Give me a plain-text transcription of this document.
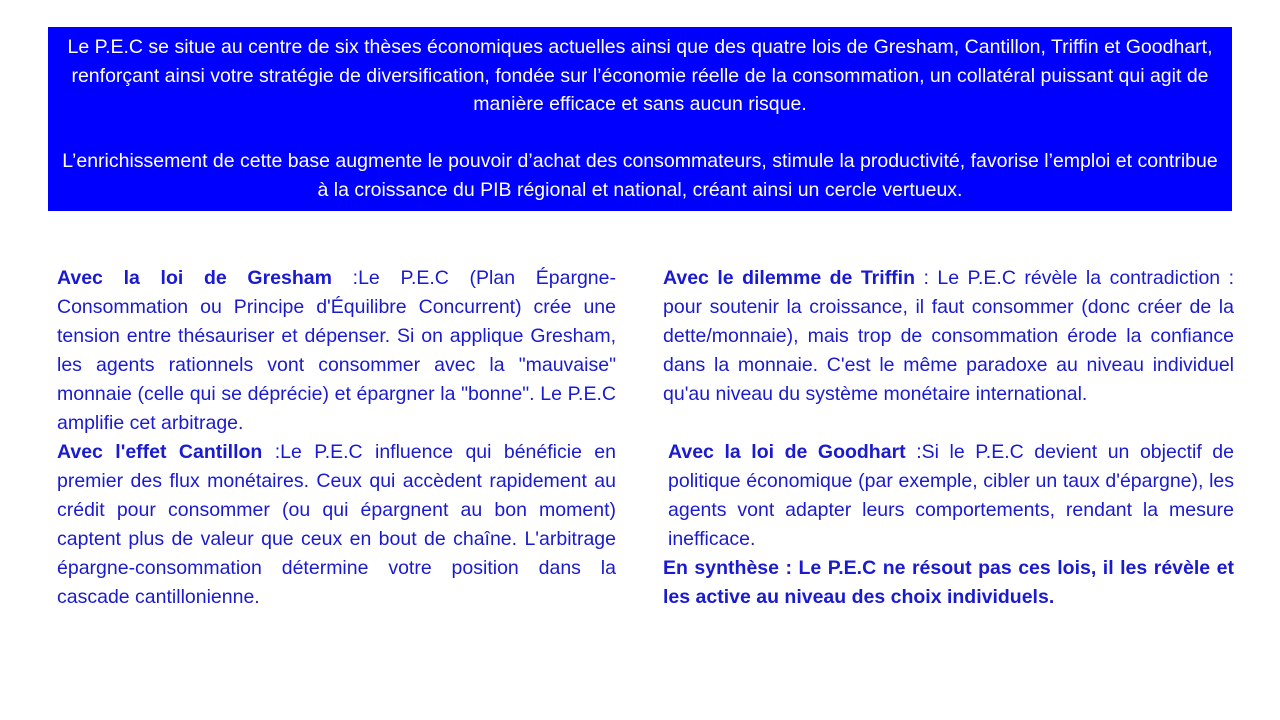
Le P.E.C se situe au centre de six thèses économiques actuelles ainsi que des quatre lois de Gresham, Cantillon, Triffin et Goodhart, renforçant ainsi votre stratégie de diversification, fondée sur l’économie réelle de la consommation, un collatéral puissant qui agit de manière efficace et sans aucun risque.

L’enrichissement de cette base augmente le pouvoir d’achat des consommateurs, stimule la productivité, favorise l’emploi et contribue à la croissance du PIB régional et national, créant ainsi un cercle vertueux.

Avec la loi de Gresham :Le P.E.C (Plan Épargne-Consommation ou Principe d'Équilibre Concurrent) crée une tension entre thésauriser et dépenser. Si on applique Gresham, les agents rationnels vont consommer avec la "mauvaise" monnaie (celle qui se déprécie) et épargner la "bonne". Le P.E.C amplifie cet arbitrage.

Avec l'effet Cantillon :Le P.E.C influence qui bénéficie en premier des flux monétaires. Ceux qui accèdent rapidement au crédit pour consommer (ou qui épargnent au bon moment) captent plus de valeur que ceux en bout de chaîne. L'arbitrage épargne-consommation détermine votre position dans la cascade cantillonienne.

Avec le dilemme de Triffin : Le P.E.C révèle la contradiction : pour soutenir la croissance, il faut consommer (donc créer de la dette/monnaie), mais trop de consommation érode la confiance dans la monnaie. C'est le même paradoxe au niveau individuel qu'au niveau du système monétaire international.

Avec la loi de Goodhart :Si le P.E.C devient un objectif de politique économique (par exemple, cibler un taux d'épargne), les agents vont adapter leurs comportements, rendant la mesure inefficace.

En synthèse : Le P.E.C ne résout pas ces lois, il les révèle et les active au niveau des choix individuels.
